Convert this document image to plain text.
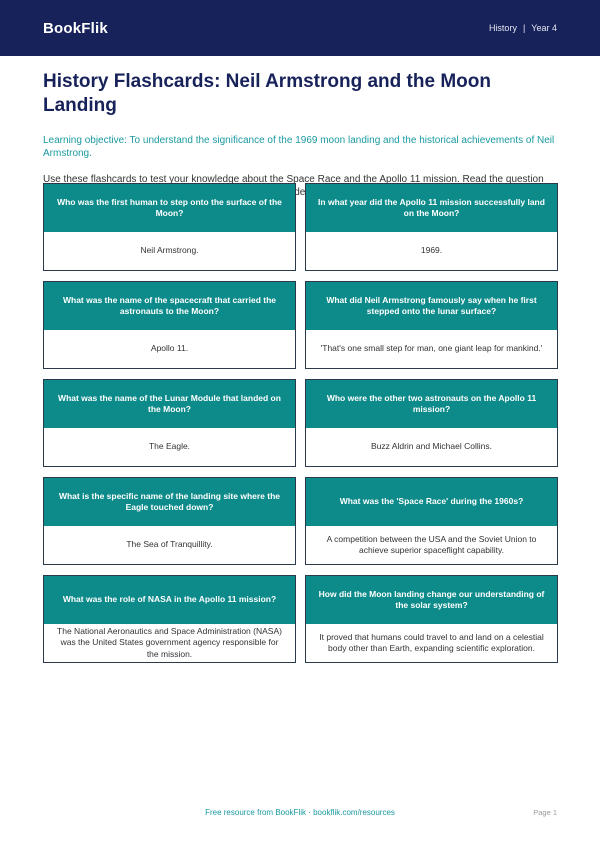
BookFlik	History | Year 4
History Flashcards: Neil Armstrong and the Moon Landing
Learning objective: To understand the significance of the 1969 moon landing and the historical achievements of Neil Armstrong.
Use these flashcards to test your knowledge about the Space Race and the Apollo 11 mission. Read the question
Who was the first human to step onto the surface of the Moon?
Neil Armstrong.
In what year did the Apollo 11 mission successfully land on the Moon?
1969.
What was the name of the spacecraft that carried the astronauts to the Moon?
Apollo 11.
What did Neil Armstrong famously say when he first stepped onto the lunar surface?
'That's one small step for man, one giant leap for mankind.'
What was the name of the Lunar Module that landed on the Moon?
The Eagle.
Who were the other two astronauts on the Apollo 11 mission?
Buzz Aldrin and Michael Collins.
What is the specific name of the landing site where the Eagle touched down?
The Sea of Tranquillity.
What was the 'Space Race' during the 1960s?
A competition between the USA and the Soviet Union to achieve superior spaceflight capability.
What was the role of NASA in the Apollo 11 mission?
The National Aeronautics and Space Administration (NASA) was the United States government agency responsible for the mission.
How did the Moon landing change our understanding of the solar system?
It proved that humans could travel to and land on a celestial body other than Earth, expanding scientific exploration.
Free resource from BookFlik · bookflik.com/resources	Page 1
